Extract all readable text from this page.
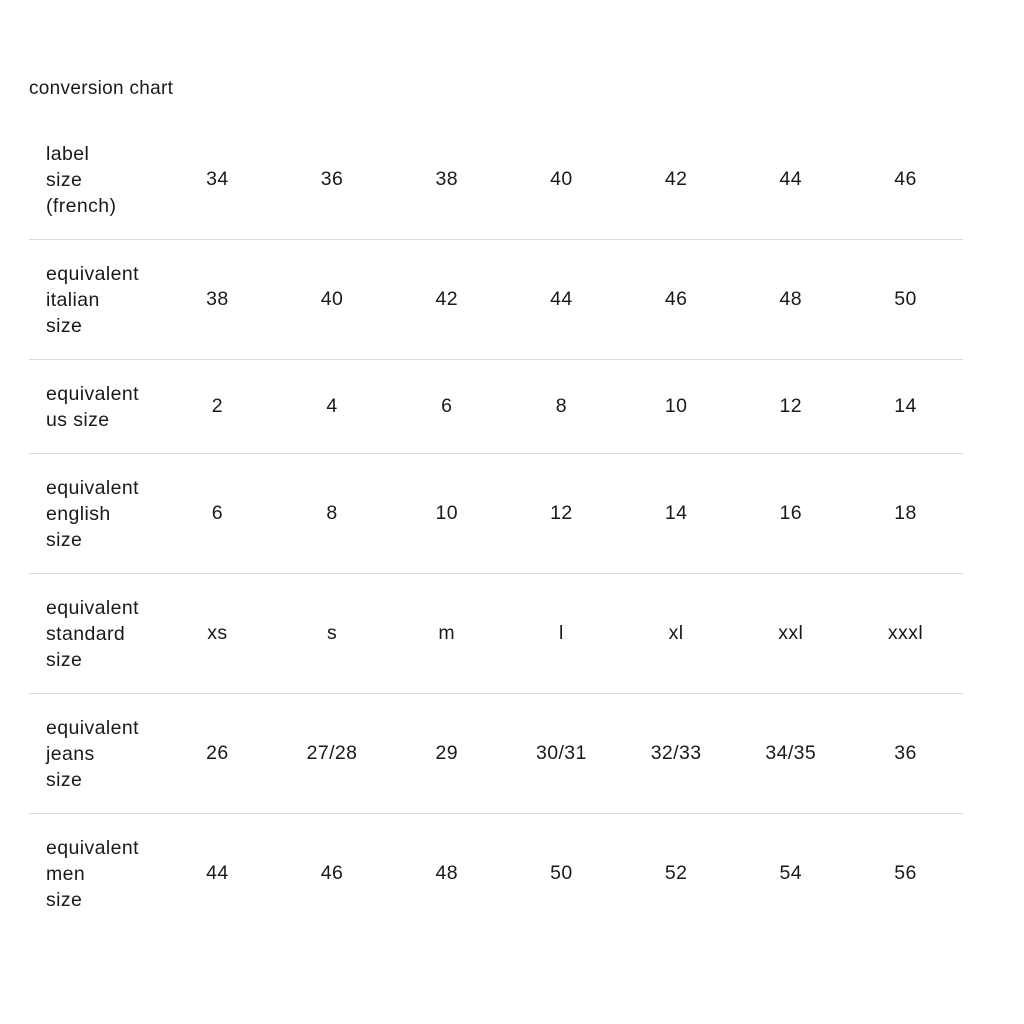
conversion chart
label
size
(french)	34	36	38	40	42	44	46
equivalent
italian
size	38	40	42	44	46	48	50
equivalent
us size	2	4	6	8	10	12	14
equivalent
english
size	6	8	10	12	14	16	18
equivalent
standard
size	xs	s	m	l	xl	xxl	xxxl
equivalent
jeans
size	26	27/28	29	30/31	32/33	34/35	36
equivalent
men
size	44	46	48	50	52	54	56
